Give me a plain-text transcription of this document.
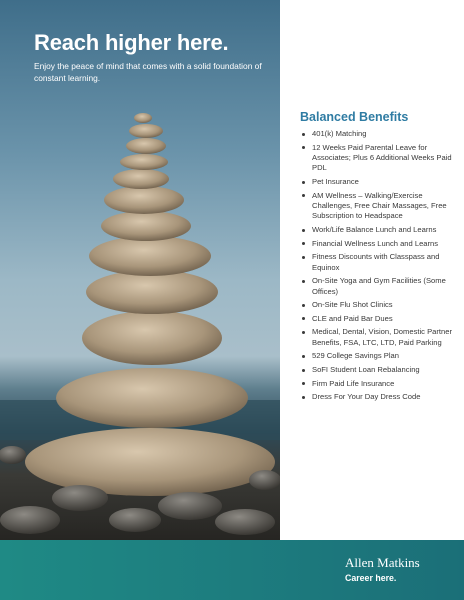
Reach higher here.

Enjoy the peace of mind that comes with a solid foundation of constant learning.

Balanced Benefits
401(k) Matching
12 Weeks Paid Parental Leave for Associates; Plus 6 Additional Weeks Paid PDL
Pet Insurance
AM Wellness – Walking/Exercise Challenges, Free Chair Massages, Free Subscription to Headspace
Work/Life Balance Lunch and Learns
Financial Wellness Lunch and Learns
Fitness Discounts with Classpass and Equinox
On-Site Yoga and Gym Facilities (Some Offices)
On-Site Flu Shot Clinics
CLE and Paid Bar Dues
Medical, Dental, Vision, Domestic Partner Benefits, FSA, LTC, LTD, Paid Parking
529 College Savings Plan
SoFI Student Loan Rebalancing
Firm Paid Life Insurance
Dress For Your Day Dress Code

Allen Matkins

Career here.
